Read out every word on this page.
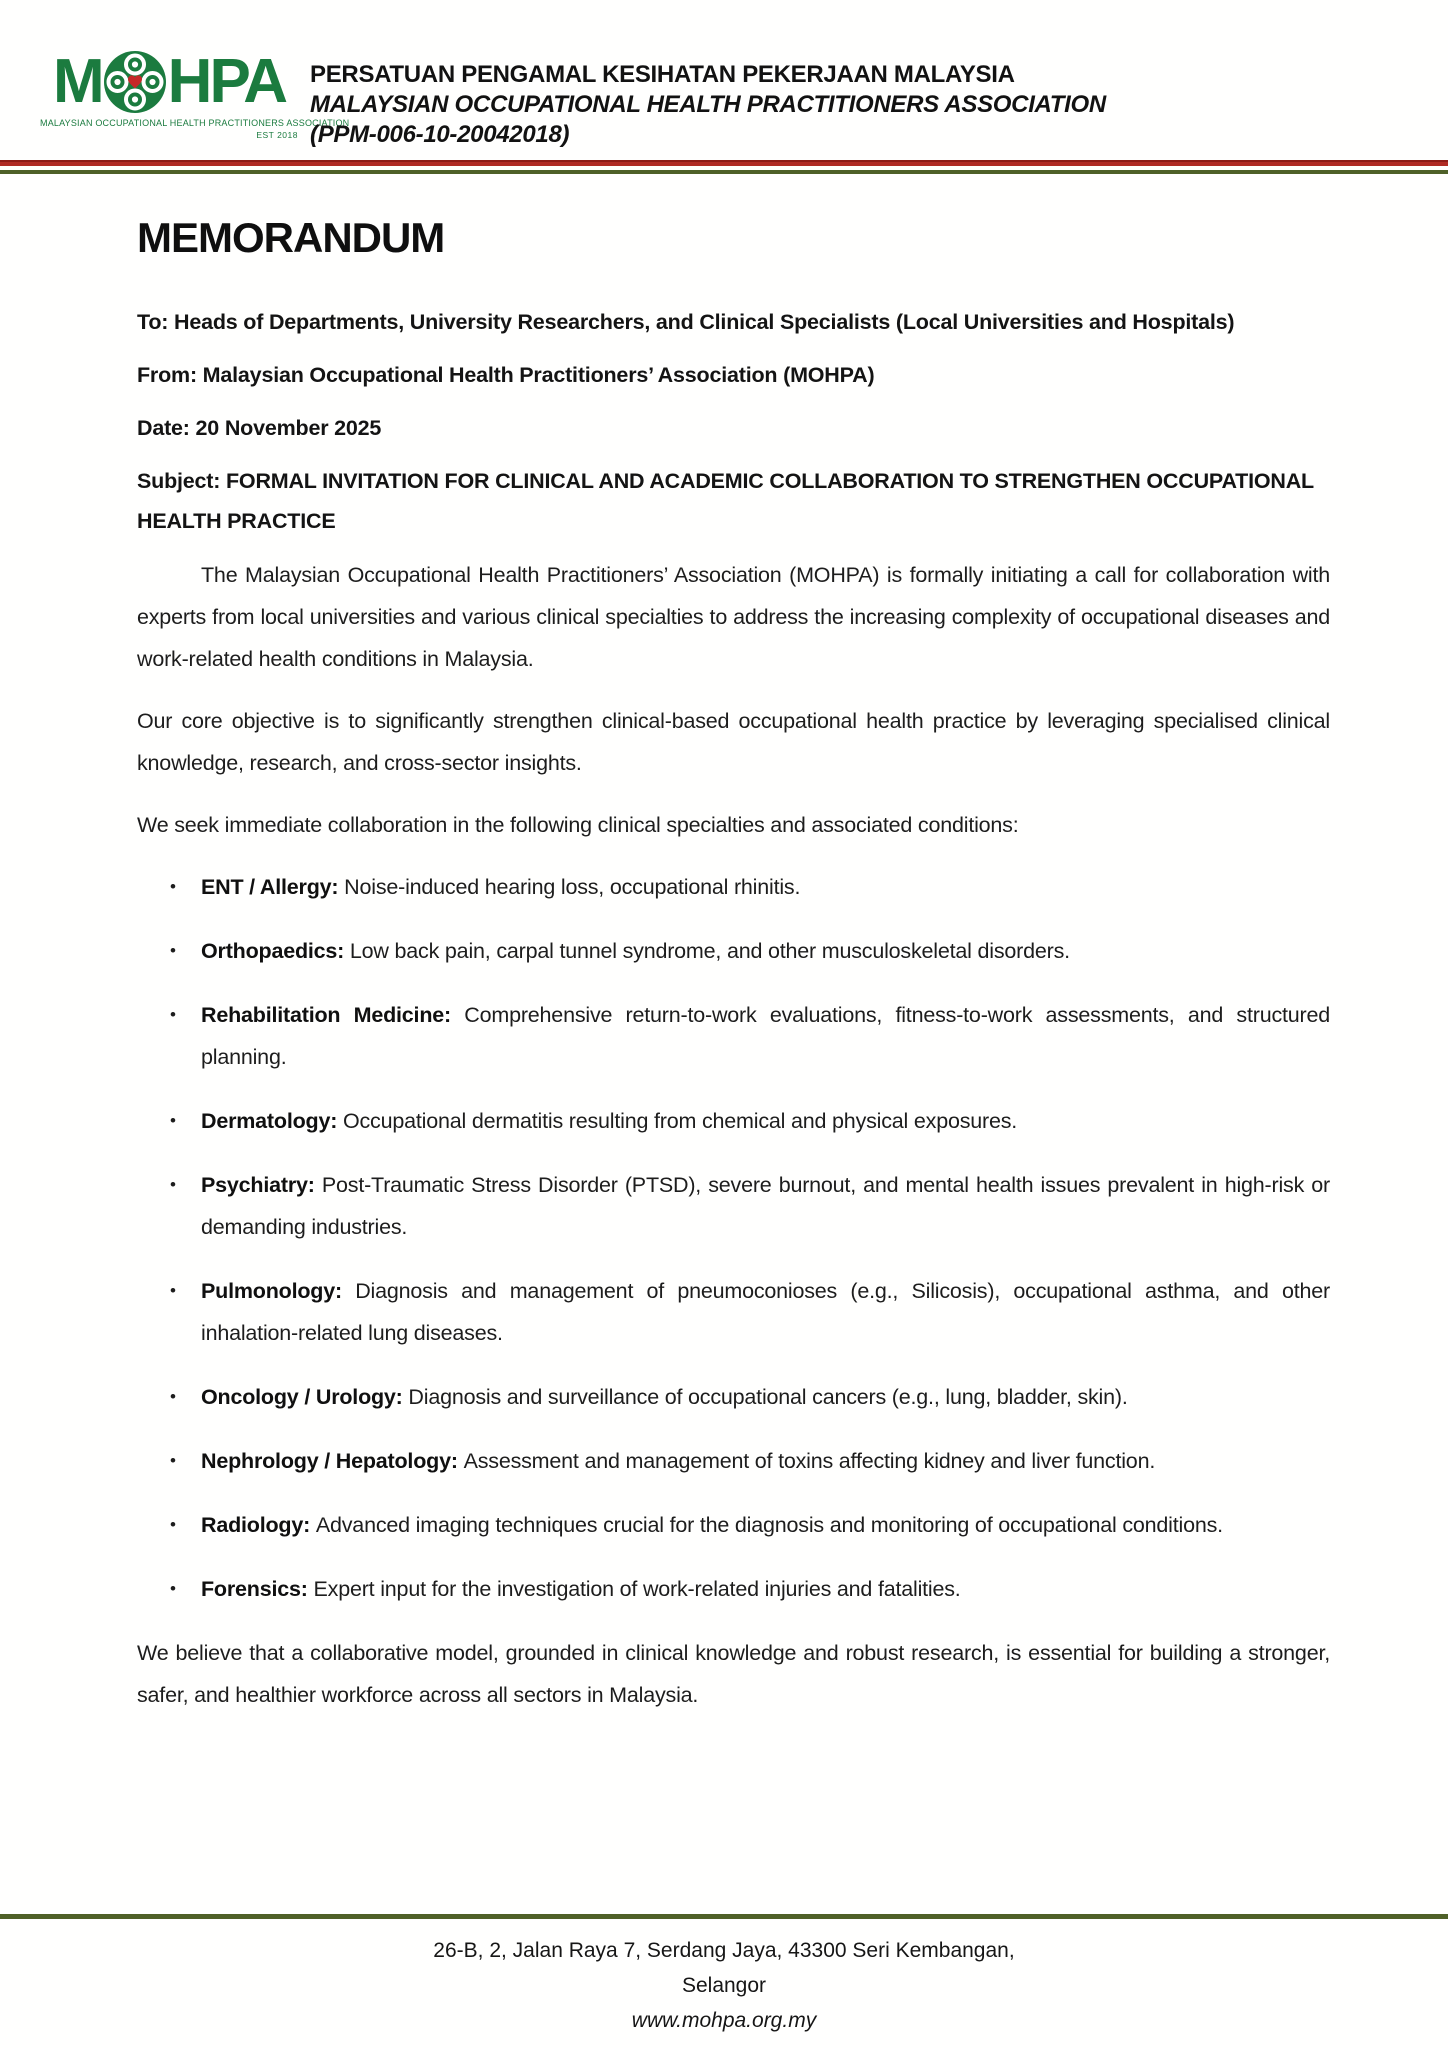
M HPA
MALAYSIAN OCCUPATIONAL HEALTH PRACTITIONERS ASSOCIATION
EST 2018
PERSATUAN PENGAMAL KESIHATAN PEKERJAAN MALAYSIA
MALAYSIAN OCCUPATIONAL HEALTH PRACTITIONERS ASSOCIATION
(PPM-006-10-20042018)
MEMORANDUM
To: Heads of Departments, University Researchers, and Clinical Specialists (Local Universities and Hospitals)
From: Malaysian Occupational Health Practitioners’ Association (MOHPA)
Date: 20 November 2025
Subject: FORMAL INVITATION FOR CLINICAL AND ACADEMIC COLLABORATION TO STRENGTHEN OCCUPATIONAL HEALTH PRACTICE

The Malaysian Occupational Health Practitioners’ Association (MOHPA) is formally initiating a call for collaboration with experts from local universities and various clinical specialties to address the increasing complexity of occupational diseases and work-related health conditions in Malaysia.

Our core objective is to significantly strengthen clinical-based occupational health practice by leveraging specialised clinical knowledge, research, and cross-sector insights.

We seek immediate collaboration in the following clinical specialties and associated conditions:

• ENT / Allergy: Noise-induced hearing loss, occupational rhinitis.
• Orthopaedics: Low back pain, carpal tunnel syndrome, and other musculoskeletal disorders.
• Rehabilitation Medicine: Comprehensive return-to-work evaluations, fitness-to-work assessments, and structured planning.
• Dermatology: Occupational dermatitis resulting from chemical and physical exposures.
• Psychiatry: Post-Traumatic Stress Disorder (PTSD), severe burnout, and mental health issues prevalent in high-risk or demanding industries.
• Pulmonology: Diagnosis and management of pneumoconioses (e.g., Silicosis), occupational asthma, and other inhalation-related lung diseases.
• Oncology / Urology: Diagnosis and surveillance of occupational cancers (e.g., lung, bladder, skin).
• Nephrology / Hepatology: Assessment and management of toxins affecting kidney and liver function.
• Radiology: Advanced imaging techniques crucial for the diagnosis and monitoring of occupational conditions.
• Forensics: Expert input for the investigation of work-related injuries and fatalities.

We believe that a collaborative model, grounded in clinical knowledge and robust research, is essential for building a stronger, safer, and healthier workforce across all sectors in Malaysia.

26-B, 2, Jalan Raya 7, Serdang Jaya, 43300 Seri Kembangan,
Selangor
www.mohpa.org.my
